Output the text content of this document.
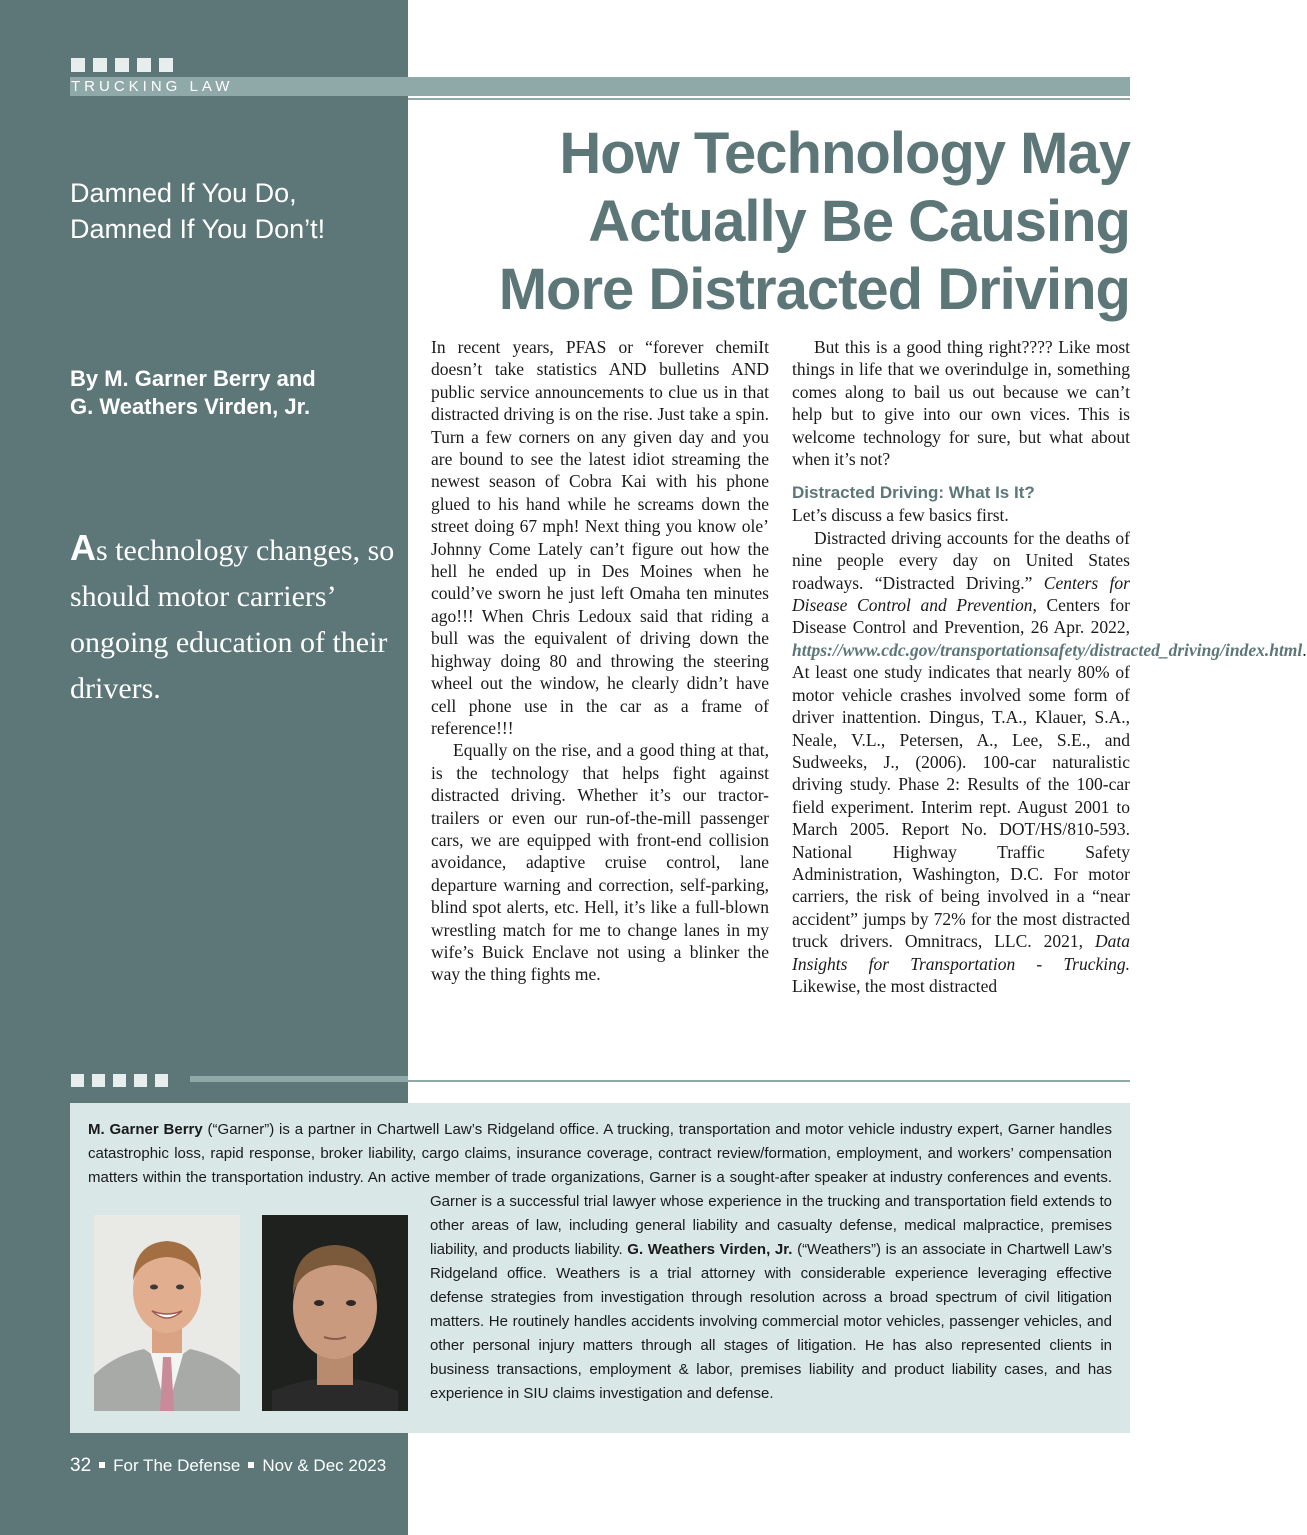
TRUCKING LAW
Damned If You Do,
Damned If You Don’t!
By M. Garner Berry and
G. Weathers Virden, Jr.
As technology changes, so should motor carriers’ ongoing education of their drivers.
How Technology May
Actually Be Causing
More Distracted Driving

In recent years, PFAS or “forever chemiIt doesn’t take statistics AND bulletins AND public service announcements to clue us in that distracted driving is on the rise. Just take a spin. Turn a few corners on any given day and you are bound to see the latest idiot streaming the newest season of Cobra Kai with his phone glued to his hand while he screams down the street doing 67 mph! Next thing you know ole’ Johnny Come Lately can’t figure out how the hell he ended up in Des Moines when he could’ve sworn he just left Omaha ten minutes ago!!! When Chris Ledoux said that riding a bull was the equivalent of driving down the highway doing 80 and throwing the steering wheel out the window, he clearly didn’t have cell phone use in the car as a frame of reference!!!

Equally on the rise, and a good thing at that, is the technology that helps fight against distracted driving. Whether it’s our tractor-trailers or even our run-of-the-mill passenger cars, we are equipped with front-end collision avoidance, adaptive cruise control, lane departure warning and correction, self-parking, blind spot alerts, etc. Hell, it’s like a full-blown wrestling match for me to change lanes in my wife’s Buick Enclave not using a blinker the way the thing fights me.

But this is a good thing right???? Like most things in life that we overindulge in, something comes along to bail us out because we can’t help but to give into our own vices. This is welcome technology for sure, but what about when it’s not?

Distracted Driving: What Is It?

Let’s discuss a few basics first.

Distracted driving accounts for the deaths of nine people every day on United States roadways. “Distracted Driving.” Centers for Disease Control and Prevention, Centers for Disease Control and Prevention, 26 Apr. 2022, https://www.cdc.gov/transportationsafety/distracted_driving/index.html. At least one study indicates that nearly 80% of motor vehicle crashes involved some form of driver inattention. Dingus, T.A., Klauer, S.A., Neale, V.L., Petersen, A., Lee, S.E., and Sudweeks, J., (2006). 100-car naturalistic driving study. Phase 2: Results of the 100-car field experiment. Interim rept. August 2001 to March 2005. Report No. DOT/HS/810-593. National Highway Traffic Safety Administration, Washington, D.C. For motor carriers, the risk of being involved in a “near accident” jumps by 72% for the most distracted truck drivers. Omnitracs, LLC. 2021, Data Insights for Transportation - Trucking. Likewise, the most distracted

M. Garner Berry (“Garner”) is a partner in Chartwell Law’s Ridgeland office. A trucking, transportation and motor vehicle industry expert, Garner handles catastrophic loss, rapid response, broker liability, cargo claims, insurance coverage, contract review/formation, employment, and workers’ compensation matters within the transportation industry. An active member of trade organizations, Garner is a sought-after speaker at industry conferences and events. Garner is a successful trial lawyer whose experience in the trucking and transportation field extends to other areas of law, including general liability and casualty defense, medical malpractice, premises liability, and products liability. G. Weathers Virden, Jr. (“Weathers”) is an associate in Chartwell Law’s Ridgeland office. Weathers is a trial attorney with considerable experience leveraging effective defense strategies from investigation through resolution across a broad spectrum of civil litigation matters. He routinely handles accidents involving commercial motor vehicles, passenger vehicles, and other personal injury matters through all stages of litigation. He has also represented clients in business transactions, employment & labor, premises liability and product liability cases, and has experience in SIU claims investigation and defense.
32 For The Defense Nov & Dec 2023
